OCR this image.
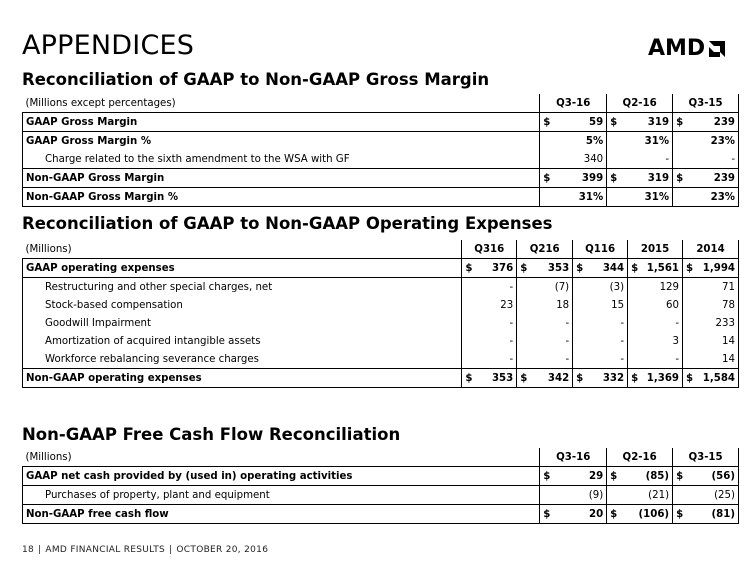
APPENDICES	AMD
Reconciliation of GAAP to Non-GAAP Gross Margin
(Millions except percentages)	Q3-16	Q2-16	Q3-15
GAAP Gross Margin	$ 59	$ 319	$ 239
GAAP Gross Margin %	5%	31%	23%
Charge related to the sixth amendment to the WSA with GF	340	-	-
Non-GAAP Gross Margin	$ 399	$ 319	$ 239
Non-GAAP Gross Margin %	31%	31%	23%
Reconciliation of GAAP to Non-GAAP Operating Expenses
(Millions)	Q316	Q216	Q116	2015	2014
GAAP operating expenses	$ 376	$ 353	$ 344	$ 1,561	$ 1,994
Restructuring and other special charges, net	-	(7)	(3)	129	71
Stock-based compensation	23	18	15	60	78
Goodwill Impairment	-	-	-	-	233
Amortization of acquired intangible assets	-	-	-	3	14
Workforce rebalancing severance charges	-	-	-	-	14
Non-GAAP operating expenses	$ 353	$ 342	$ 332	$ 1,369	$ 1,584
Non-GAAP Free Cash Flow Reconciliation
(Millions)	Q3-16	Q2-16	Q3-15
GAAP net cash provided by (used in) operating activities	$ 29	$ (85)	$ (56)
Purchases of property, plant and equipment	(9)	(21)	(25)
Non-GAAP free cash flow	$ 20	$ (106)	$ (81)
18 | AMD FINANCIAL RESULTS | OCTOBER 20, 2016
